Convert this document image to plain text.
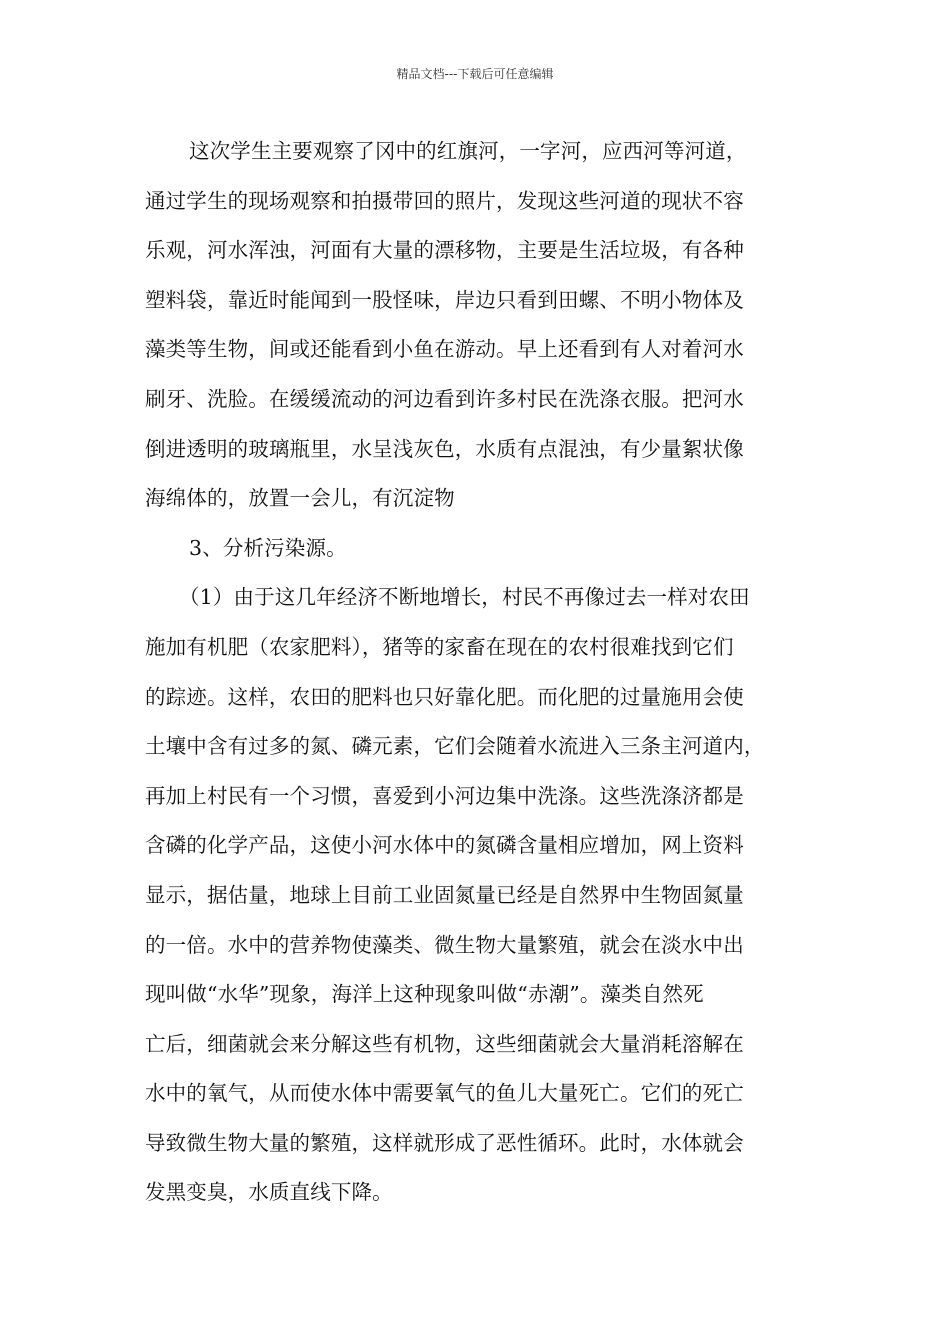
精品文档---下载后可任意编辑
这次学生主要观察了冈中的红旗河，一字河，应西河等河道，
通过学生的现场观察和拍摄带回的照片，发现这些河道的现状不容
乐观，河水浑浊，河面有大量的漂移物，主要是生活垃圾，有各种
塑料袋，靠近时能闻到一股怪味，岸边只看到田螺、不明小物体及
藻类等生物，间或还能看到小鱼在游动。早上还看到有人对着河水
刷牙、洗脸。在缓缓流动的河边看到许多村民在洗涤衣服。把河水
倒进透明的玻璃瓶里，水呈浅灰色，水质有点混浊，有少量絮状像
海绵体的，放置一会儿，有沉淀物
3、分析污染源。
（1）由于这几年经济不断地增长，村民不再像过去一样对农田
施加有机肥（农家肥料），猪等的家畜在现在的农村很难找到它们
的踪迹。这样，农田的肥料也只好靠化肥。而化肥的过量施用会使
土壤中含有过多的氮、磷元素，它们会随着水流进入三条主河道内，
再加上村民有一个习惯，喜爱到小河边集中洗涤。这些洗涤济都是
含磷的化学产品，这使小河水体中的氮磷含量相应增加，网上资料
显示，据估量，地球上目前工业固氮量已经是自然界中生物固氮量
的一倍。水中的营养物使藻类、微生物大量繁殖，就会在淡水中出
现叫做“水华”现象，海洋上这种现象叫做“赤潮”。藻类自然死
亡后，细菌就会来分解这些有机物，这些细菌就会大量消耗溶解在
水中的氧气，从而使水体中需要氧气的鱼儿大量死亡。它们的死亡
导致微生物大量的繁殖，这样就形成了恶性循环。此时，水体就会
发黑变臭，水质直线下降。
